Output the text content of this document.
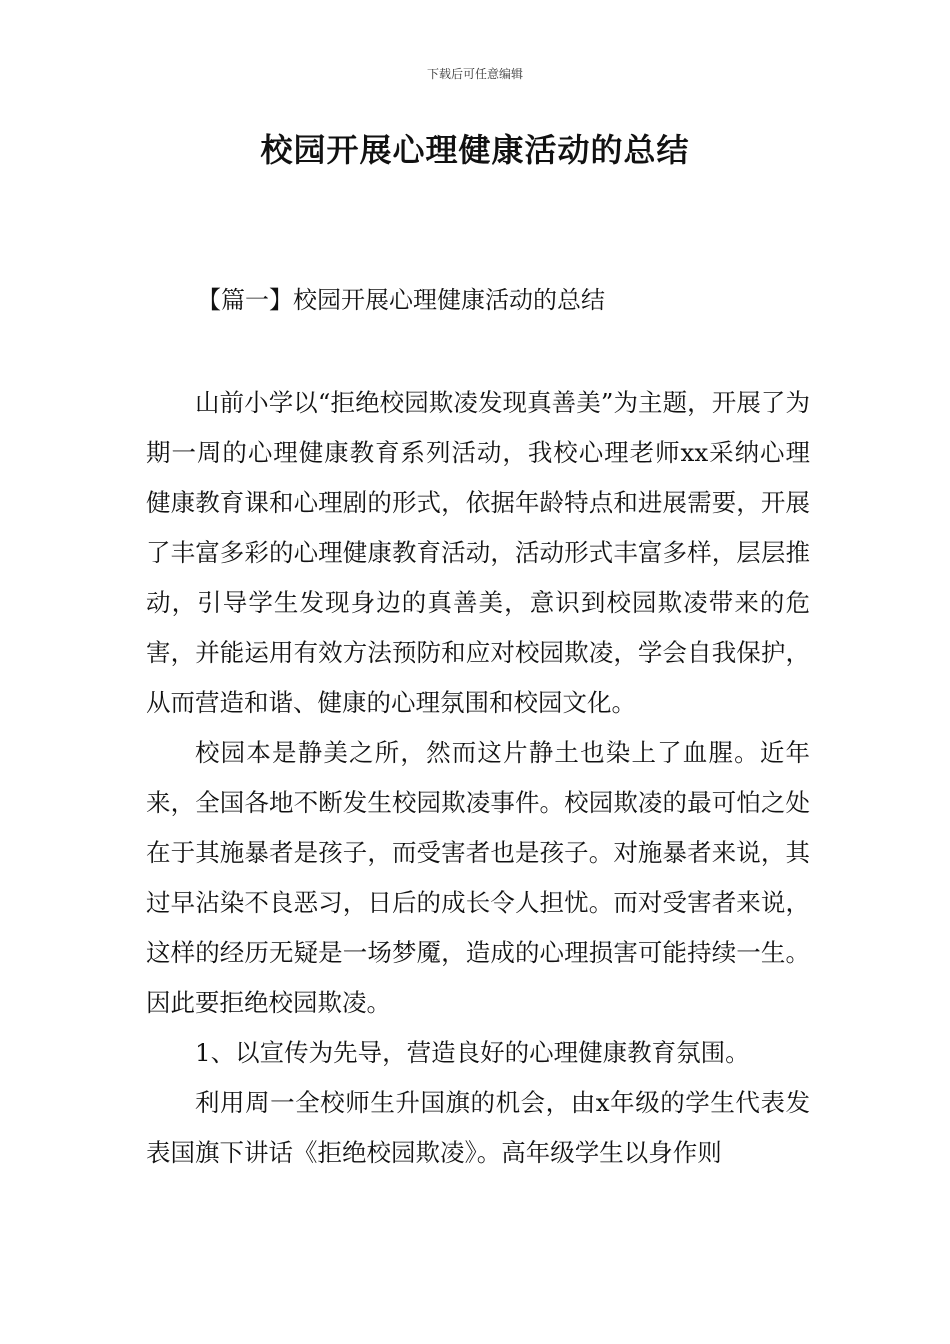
下载后可任意编辑
校园开展心理健康活动的总结
【篇一】校园开展心理健康活动的总结

山前小学以“拒绝校园欺凌发现真善美”为主题，开展了为期一周的心理健康教育系列活动，我校心理老师xx采纳心理健康教育课和心理剧的形式，依据年龄特点和进展需要，开展了丰富多彩的心理健康教育活动，活动形式丰富多样，层层推动，引导学生发现身边的真善美，意识到校园欺凌带来的危害，并能运用有效方法预防和应对校园欺凌，学会自我保护，从而营造和谐、健康的心理氛围和校园文化。

校园本是静美之所，然而这片静土也染上了血腥。近年来，全国各地不断发生校园欺凌事件。校园欺凌的最可怕之处在于其施暴者是孩子，而受害者也是孩子。对施暴者来说，其过早沾染不良恶习，日后的成长令人担忧。而对受害者来说，这样的经历无疑是一场梦魇，造成的心理损害可能持续一生。因此要拒绝校园欺凌。

1、以宣传为先导，营造良好的心理健康教育氛围。

利用周一全校师生升国旗的机会，由x年级的学生代表发表国旗下讲话《拒绝校园欺凌》。高年级学生以身作则
